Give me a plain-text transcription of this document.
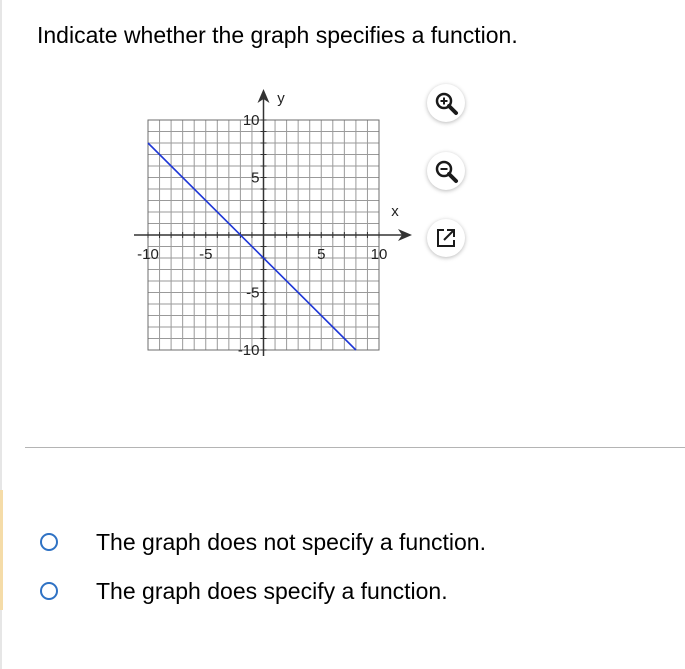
Indicate whether the graph specifies a function.
-10	-5	5	10
10
5
-5
-10
x
y
The graph does not specify a function.
The graph does specify a function.
